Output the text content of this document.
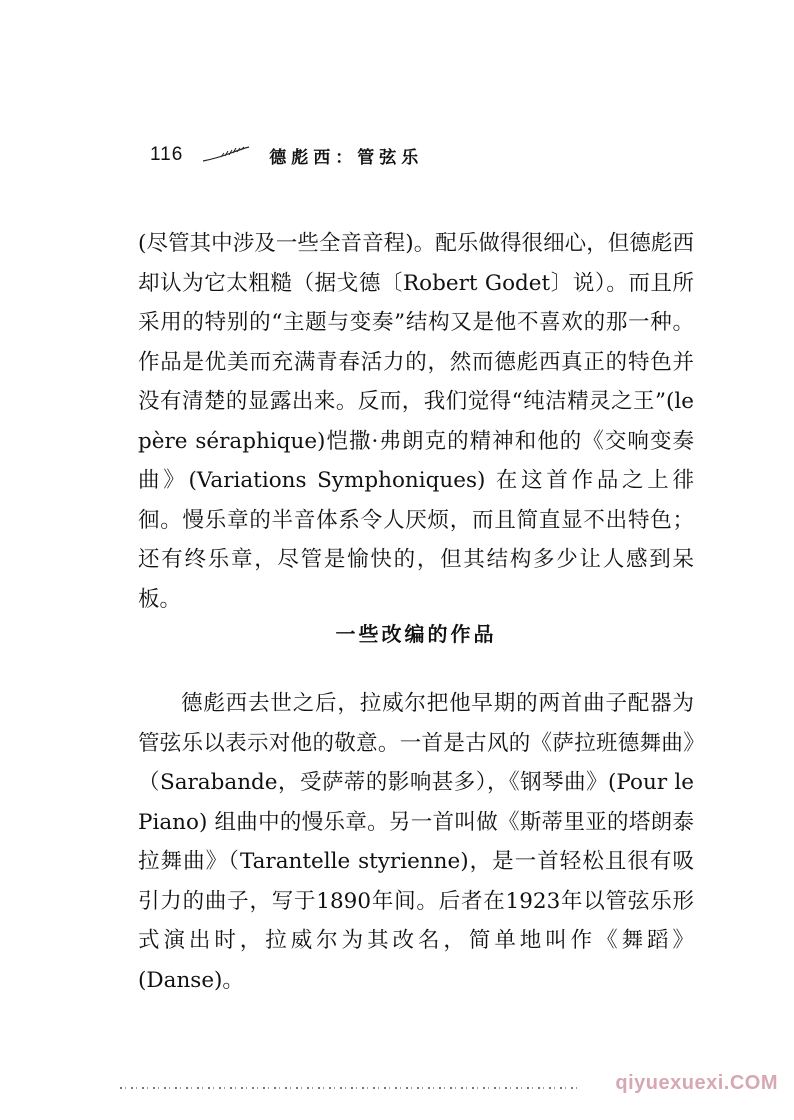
116	德彪西：管弦乐
(尽管其中涉及一些全音音程)。配乐做得很细心，但德彪西却认为它太粗糙（据戈德〔Robert Godet〕说）。而且所采用的特别的“主题与变奏”结构又是他不喜欢的那一种。作品是优美而充满青春活力的，然而德彪西真正的特色并没有清楚的显露出来。反而，我们觉得“纯洁精灵之王”(le père séraphique)恺撒·弗朗克的精神和他的《交响变奏曲》(Variations Symphoniques) 在这首作品之上徘徊。慢乐章的半音体系令人厌烦，而且简直显不出特色；还有终乐章，尽管是愉快的，但其结构多少让人感到呆板。
一些改编的作品
德彪西去世之后，拉威尔把他早期的两首曲子配器为管弦乐以表示对他的敬意。一首是古风的《萨拉班德舞曲》（Sarabande，受萨蒂的影响甚多），《钢琴曲》(Pour le Piano) 组曲中的慢乐章。另一首叫做《斯蒂里亚的塔朗泰拉舞曲》（Tarantelle styrienne)，是一首轻松且很有吸引力的曲子，写于1890年间。后者在1923年以管弦乐形式演出时，拉威尔为其改名，简单地叫作《舞蹈》(Danse)。
qiyuexuexi.COM
